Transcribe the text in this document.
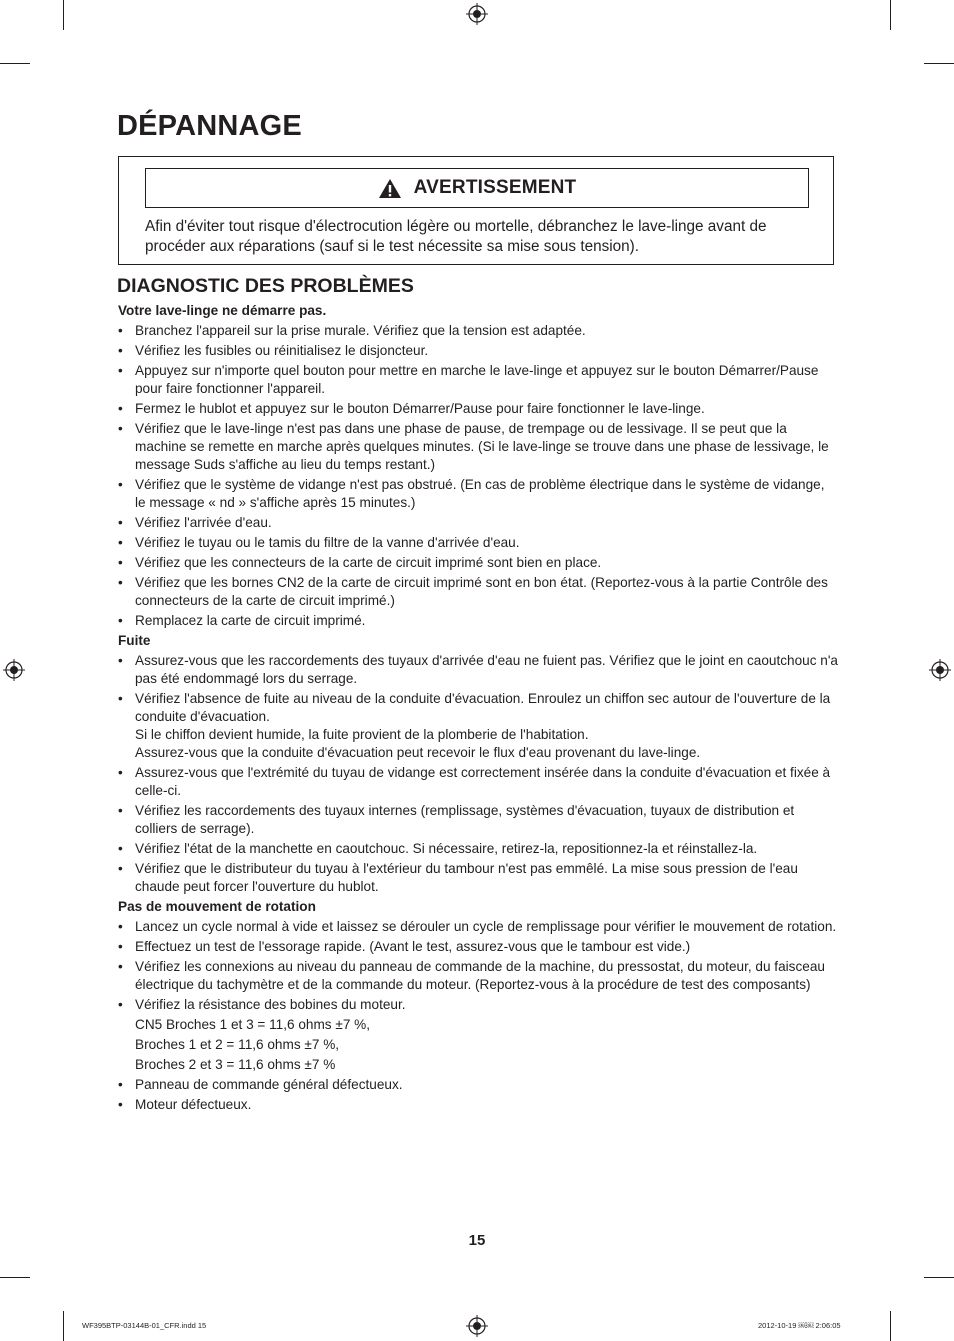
DÉPANNAGE
AVERTISSEMENT
Afin d'éviter tout risque d'électrocution légère ou mortelle, débranchez le lave-linge avant de procéder aux réparations (sauf si le test nécessite sa mise sous tension).
DIAGNOSTIC DES PROBLÈMES

Votre lave-linge ne démarre pas.

• Branchez l'appareil sur la prise murale. Vérifiez que la tension est adaptée.
• Vérifiez les fusibles ou réinitialisez le disjoncteur.
• Appuyez sur n'importe quel bouton pour mettre en marche le lave-linge et appuyez sur le bouton Démarrer/Pause pour faire fonctionner l'appareil.
• Fermez le hublot et appuyez sur le bouton Démarrer/Pause pour faire fonctionner le lave-linge.
• Vérifiez que le lave-linge n'est pas dans une phase de pause, de trempage ou de lessivage. Il se peut que la machine se remette en marche après quelques minutes. (Si le lave-linge se trouve dans une phase de lessivage, le message Suds s'affiche au lieu du temps restant.)
• Vérifiez que le système de vidange n'est pas obstrué. (En cas de problème électrique dans le système de vidange, le message « nd » s'affiche après 15 minutes.)
• Vérifiez l'arrivée d'eau.
• Vérifiez le tuyau ou le tamis du filtre de la vanne d'arrivée d'eau.
• Vérifiez que les connecteurs de la carte de circuit imprimé sont bien en place.
• Vérifiez que les bornes CN2 de la carte de circuit imprimé sont en bon état. (Reportez-vous à la partie Contrôle des connecteurs de la carte de circuit imprimé.)
• Remplacez la carte de circuit imprimé.

Fuite

• Assurez-vous que les raccordements des tuyaux d'arrivée d'eau ne fuient pas. Vérifiez que le joint en caoutchouc n'a pas été endommagé lors du serrage.
• Vérifiez l'absence de fuite au niveau de la conduite d'évacuation. Enroulez un chiffon sec autour de l'ouverture de la conduite d'évacuation.
Si le chiffon devient humide, la fuite provient de la plomberie de l'habitation.
Assurez-vous que la conduite d'évacuation peut recevoir le flux d'eau provenant du lave-linge.
• Assurez-vous que l'extrémité du tuyau de vidange est correctement insérée dans la conduite d'évacuation et fixée à celle-ci.
• Vérifiez les raccordements des tuyaux internes (remplissage, systèmes d'évacuation, tuyaux de distribution et colliers de serrage).
• Vérifiez l'état de la manchette en caoutchouc. Si nécessaire, retirez-la, repositionnez-la et réinstallez-la.
• Vérifiez que le distributeur du tuyau à l'extérieur du tambour n'est pas emmêlé. La mise sous pression de l'eau chaude peut forcer l'ouverture du hublot.

Pas de mouvement de rotation

• Lancez un cycle normal à vide et laissez se dérouler un cycle de remplissage pour vérifier le mouvement de rotation.
• Effectuez un test de l'essorage rapide. (Avant le test, assurez-vous que le tambour est vide.)
• Vérifiez les connexions au niveau du panneau de commande de la machine, du pressostat, du moteur, du faisceau électrique du tachymètre et de la commande du moteur. (Reportez-vous à la procédure de test des composants)
• Vérifiez la résistance des bobines du moteur.
CN5 Broches 1 et 3 = 11,6 ohms ±7 %,
Broches 1 et 2 = 11,6 ohms ±7 %,
Broches 2 et 3 = 11,6 ohms ±7 %
• Panneau de commande général défectueux.
• Moteur défectueux.
15
WF395BTP-03144B-01_CFR.indd 15	2012-10-19 ￼￼ 2:06:05
